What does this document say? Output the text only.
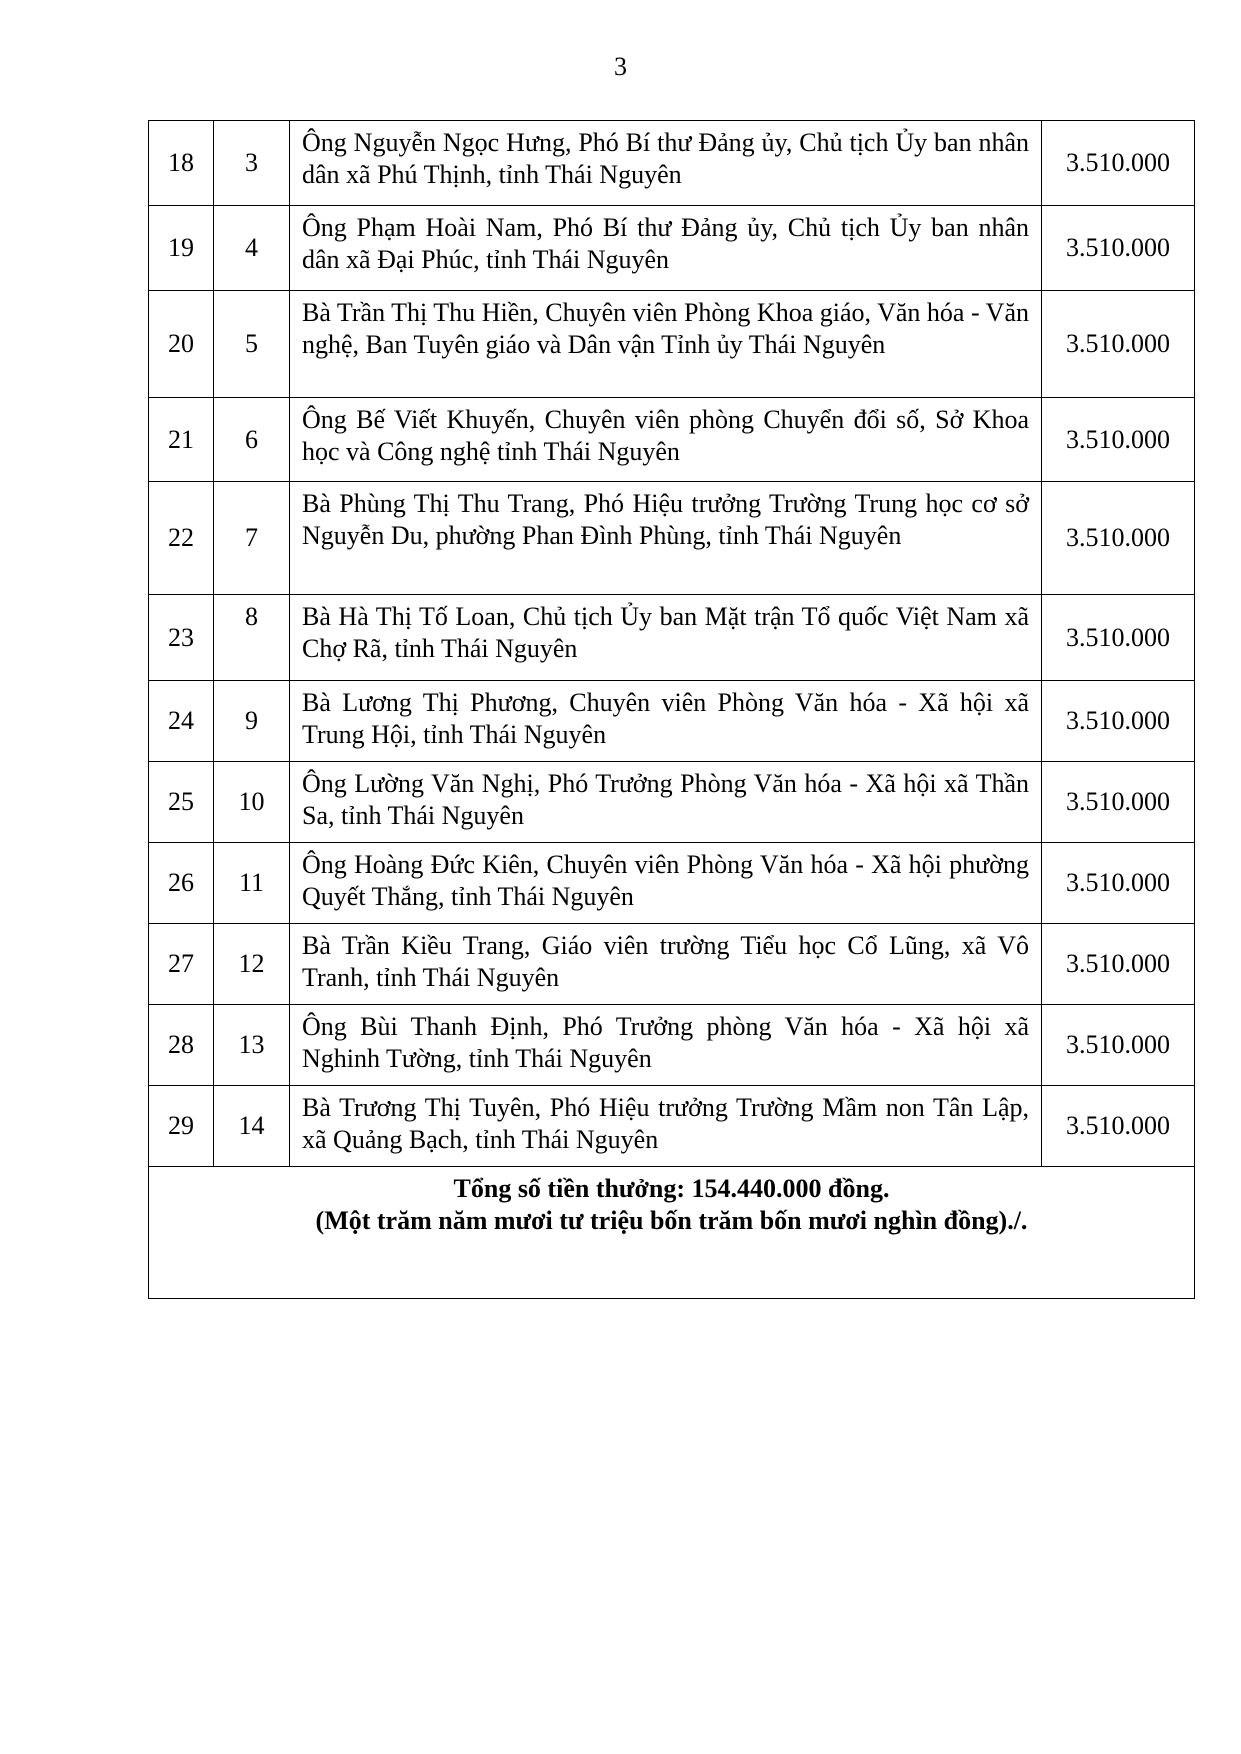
3
18	3	Ông Nguyễn Ngọc Hưng, Phó Bí thư Đảng ủy, Chủ tịch Ủy ban nhân dân xã Phú Thịnh, tỉnh Thái Nguyên	3.510.000
19	4	Ông Phạm Hoài Nam, Phó Bí thư Đảng ủy, Chủ tịch Ủy ban nhân dân xã Đại Phúc, tỉnh Thái Nguyên	3.510.000
20	5	Bà Trần Thị Thu Hiền, Chuyên viên Phòng Khoa giáo, Văn hóa - Văn nghệ, Ban Tuyên giáo và Dân vận Tỉnh ủy Thái Nguyên	3.510.000
21	6	Ông Bế Viết Khuyến, Chuyên viên phòng Chuyển đổi số, Sở Khoa học và Công nghệ tỉnh Thái Nguyên	3.510.000
22	7	Bà Phùng Thị Thu Trang, Phó Hiệu trưởng Trường Trung học cơ sở Nguyễn Du, phường Phan Đình Phùng, tỉnh Thái Nguyên	3.510.000
23	8	Bà Hà Thị Tố Loan, Chủ tịch Ủy ban Mặt trận Tổ quốc Việt Nam xã Chợ Rã, tỉnh Thái Nguyên	3.510.000
24	9	Bà Lương Thị Phương, Chuyên viên Phòng Văn hóa - Xã hội xã Trung Hội, tỉnh Thái Nguyên	3.510.000
25	10	Ông Lường Văn Nghị, Phó Trưởng Phòng Văn hóa - Xã hội xã Thần Sa, tỉnh Thái Nguyên	3.510.000
26	11	Ông Hoàng Đức Kiên, Chuyên viên Phòng Văn hóa - Xã hội phường Quyết Thắng, tỉnh Thái Nguyên	3.510.000
27	12	Bà Trần Kiều Trang, Giáo viên trường Tiểu học Cổ Lũng, xã Vô Tranh, tỉnh Thái Nguyên	3.510.000
28	13	Ông Bùi Thanh Định, Phó Trưởng phòng Văn hóa - Xã hội xã Nghinh Tường, tỉnh Thái Nguyên	3.510.000
29	14	Bà Trương Thị Tuyên, Phó Hiệu trưởng Trường Mầm non Tân Lập, xã Quảng Bạch, tỉnh Thái Nguyên	3.510.000

Tổng số tiền thưởng: 154.440.000 đồng.
(Một trăm năm mươi tư triệu bốn trăm bốn mươi nghìn đồng)./.			
